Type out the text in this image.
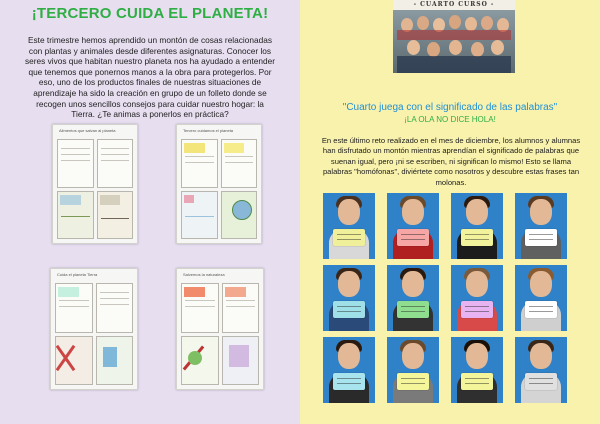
¡TERCERO CUIDA EL PLANETA!
Este trimestre hemos aprendido un montón de cosas relacionadas con plantas y animales desde diferentes asignaturas. Conocer los seres vivos que habitan nuestro planeta nos ha ayudado a entender que tenemos que ponernos manos a la obra para protegerlos. Por eso, uno de los productos finales de nuestras situaciones de aprendizaje ha sido la creación en grupo de un folleto donde se recogen unos sencillos consejos para cuidar nuestro hogar: la Tierra. ¿Te animas a ponerlos en práctica?
Alimentos que salvan al planeta	Tercero cuidamos el planeta
Cuida el planeta Tierra	Salvemos la naturaleza
- CUARTO CURSO -
"Cuarto juega con el significado de las palabras"
¡LA OLA NO DICE HOLA!
En este último reto realizado en el mes de diciembre, los alumnos y alumnas han disfrutado un montón mientras aprendían el significado de palabras que suenan igual, pero ¡ni se escriben, ni significan lo mismo! Esto se llama palabras "homófonas", diviértete como nosotros y descubre estas frases tan molonas.
